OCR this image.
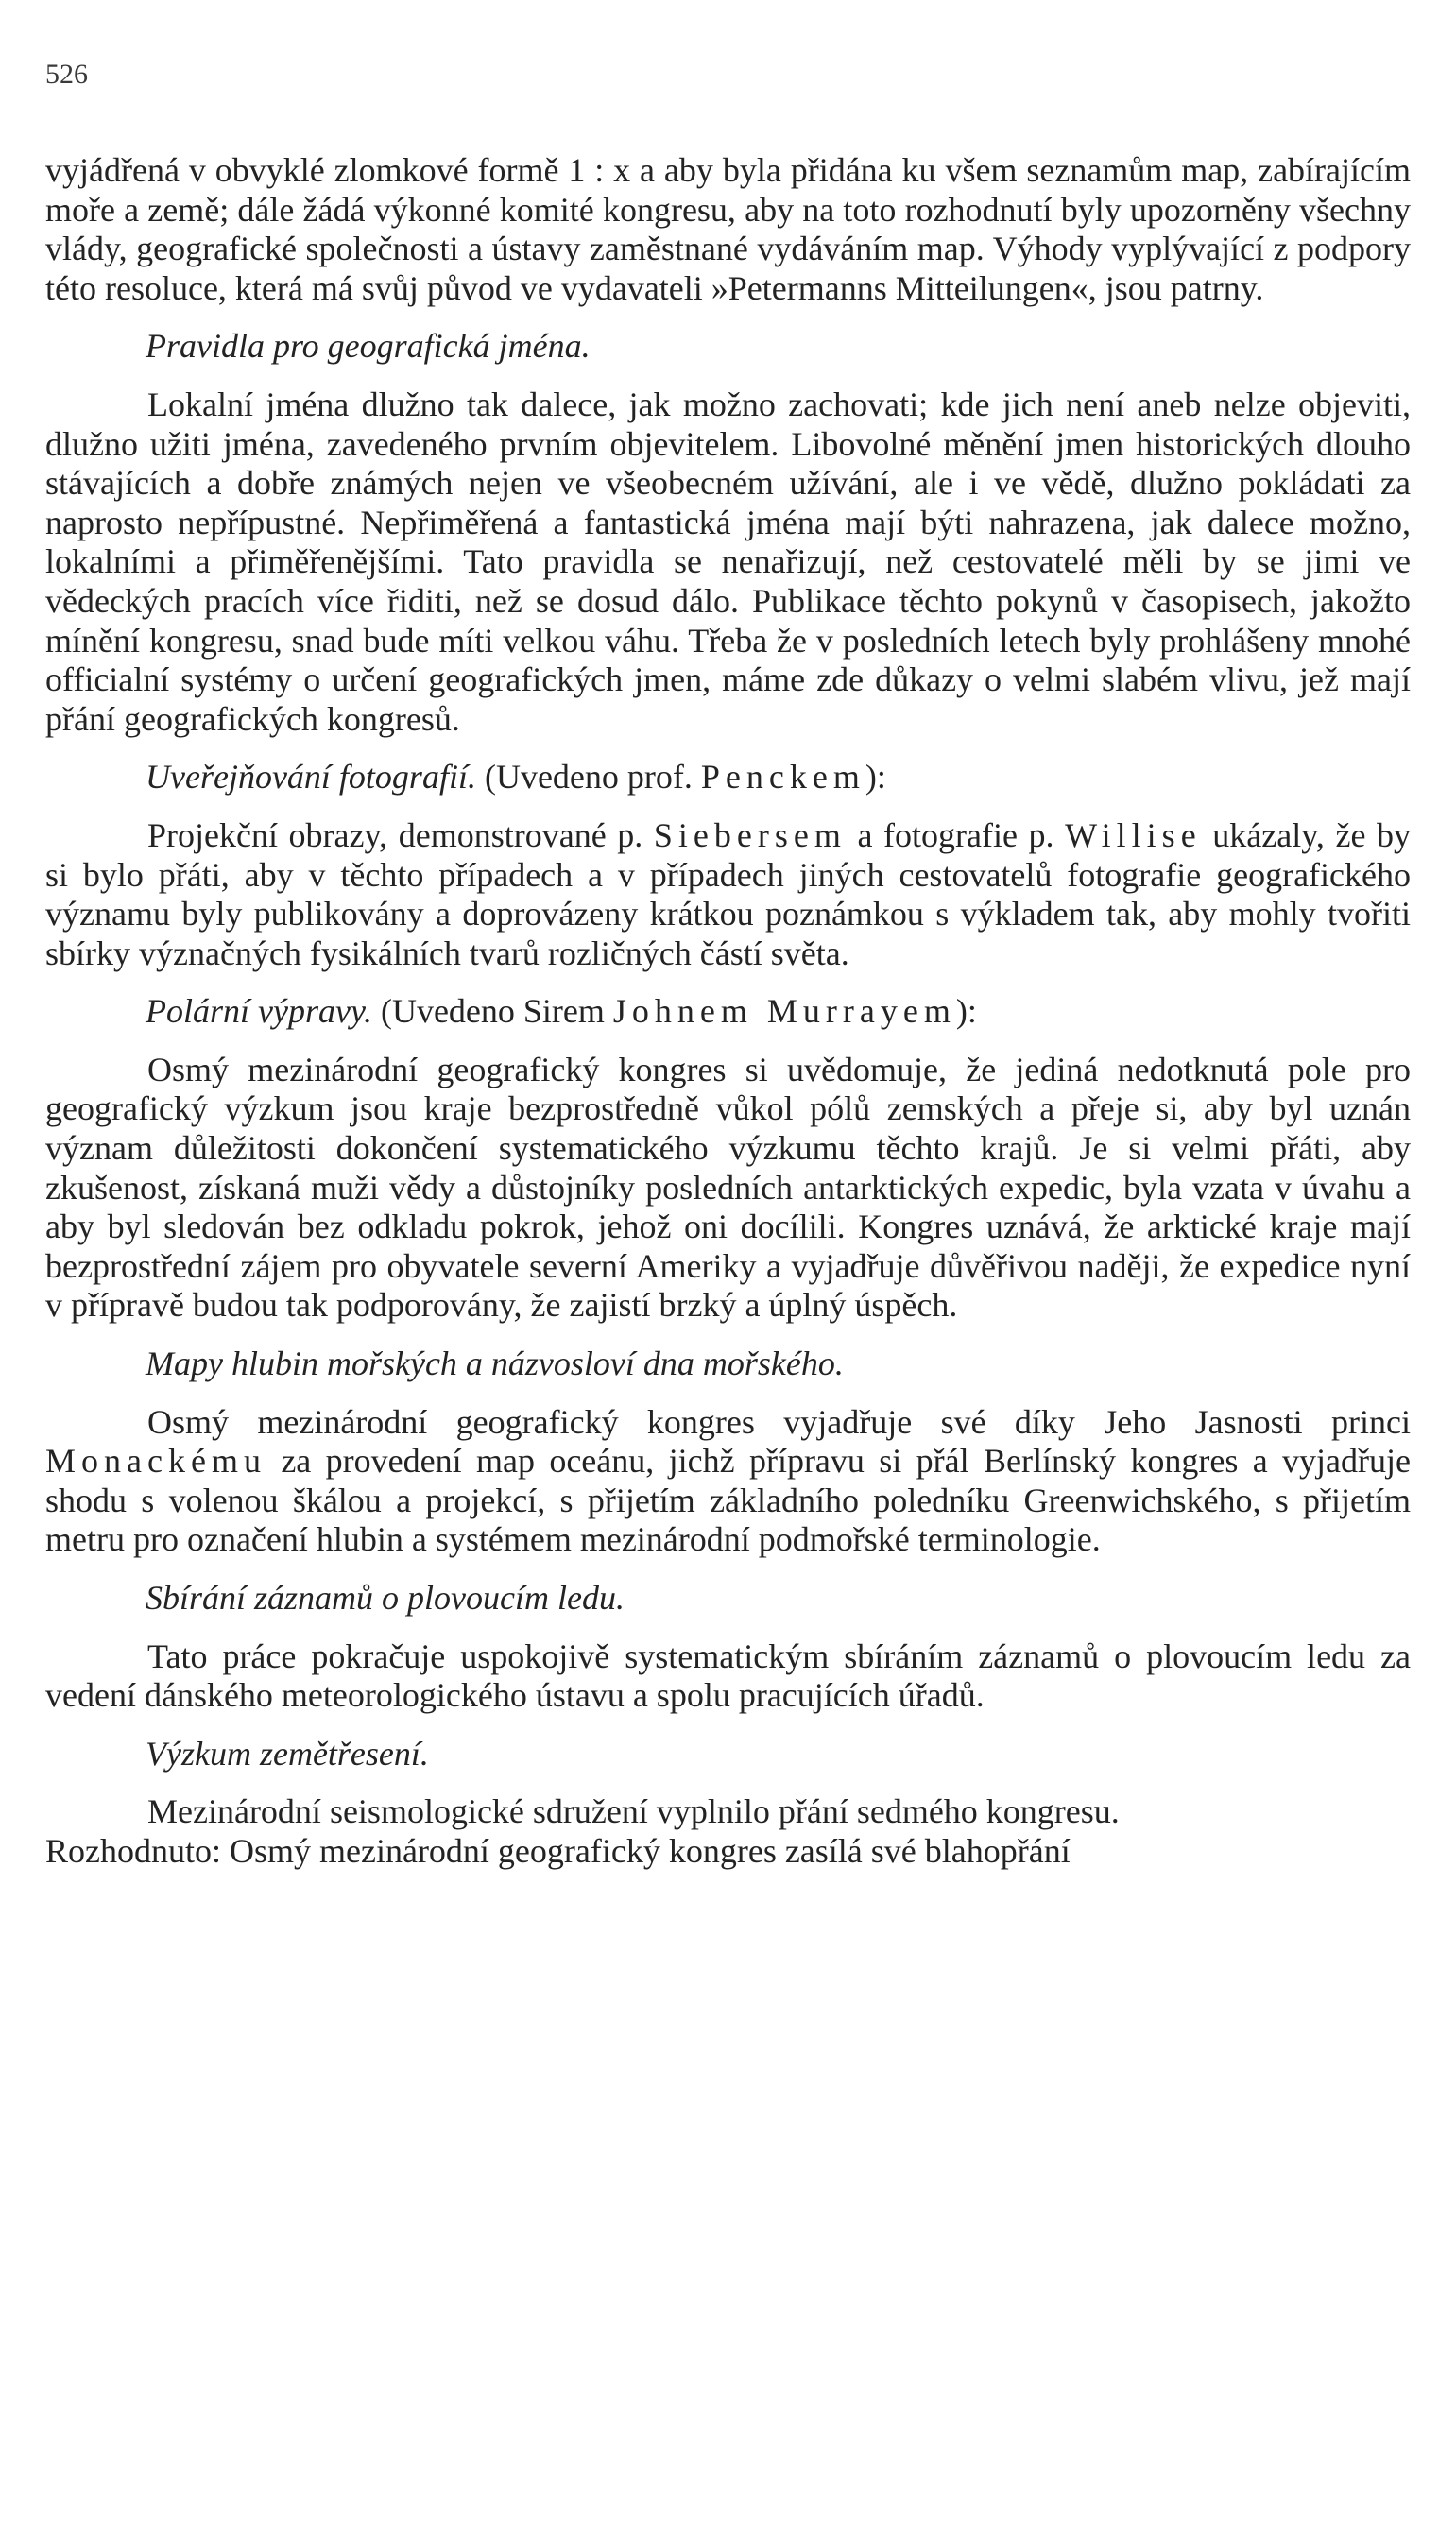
526

vyjádřená v obvyklé zlomkové formě 1 : x a aby byla přidána ku všem seznamům map, zabírajícím moře a země; dále žádá výkonné komité kongresu, aby na toto rozhodnutí byly upozorněny všechny vlády, geografické společnosti a ústavy zaměstnané vydáváním map. Výhody vyplývající z podpory této resoluce, která má svůj původ ve vydavateli »Petermanns Mitteilungen«, jsou patrny.

Pravidla pro geografická jména.

Lokalní jména dlužno tak dalece, jak možno zachovati; kde jich není aneb nelze objeviti, dlužno užiti jména, zavedeného prvním objevitelem. Libovolné měnění jmen historických dlouho stávajících a dobře známých nejen ve všeobecném užívání, ale i ve vědě, dlužno pokládati za naprosto nepřípustné. Nepřiměřená a fantastická jména mají býti nahrazena, jak dalece možno, lokalními a přiměřenějšími. Tato pravidla se nenařizují, než cestovatelé měli by se jimi ve vědeckých pracích více řiditi, než se dosud dálo. Publikace těchto pokynů v časopisech, jakožto mínění kongresu, snad bude míti velkou váhu. Třeba že v posledních letech byly prohlášeny mnohé officialní systémy o určení geografických jmen, máme zde důkazy o velmi slabém vlivu, jež mají přání geografických kongresů.

Uveřejňování fotografií. (Uvedeno prof. Penckem):

Projekční obrazy, demonstrované p. Siebersem a fotografie p. Willise ukázaly, že by si bylo přáti, aby v těchto případech a v případech jiných cestovatelů fotografie geografického významu byly publikovány a doprovázeny krátkou poznámkou s výkladem tak, aby mohly tvořiti sbírky význačných fysikálních tvarů rozličných částí světa.

Polární výpravy. (Uvedeno Sirem Johnem Murrayem):

Osmý mezinárodní geografický kongres si uvědomuje, že jediná nedotknutá pole pro geografický výzkum jsou kraje bezprostředně vůkol pólů zemských a přeje si, aby byl uznán význam důležitosti dokončení systematického výzkumu těchto krajů. Je si velmi přáti, aby zkušenost, získaná muži vědy a důstojníky posledních antarktických expedic, byla vzata v úvahu a aby byl sledován bez odkladu pokrok, jehož oni docílili. Kongres uznává, že arktické kraje mají bezprostřední zájem pro obyvatele severní Ameriky a vyjadřuje důvěřivou naději, že expedice nyní v přípravě budou tak podporovány, že zajistí brzký a úplný úspěch.

Mapy hlubin mořských a názvosloví dna mořského.

Osmý mezinárodní geografický kongres vyjadřuje své díky Jeho Jasnosti princi Monackému za provedení map oceánu, jichž přípravu si přál Berlínský kongres a vyjadřuje shodu s volenou škálou a projekcí, s přijetím základního poledníku Greenwichského, s přijetím metru pro označení hlubin a systémem mezinárodní podmořské terminologie.

Sbírání záznamů o plovoucím ledu.

Tato práce pokračuje uspokojivě systematickým sbíráním záznamů o plovoucím ledu za vedení dánského meteorologického ústavu a spolu pracujících úřadů.

Výzkum zemětřesení.

Mezinárodní seismologické sdružení vyplnilo přání sedmého kongresu.

Rozhodnuto: Osmý mezinárodní geografický kongres zasílá své blahopřání
